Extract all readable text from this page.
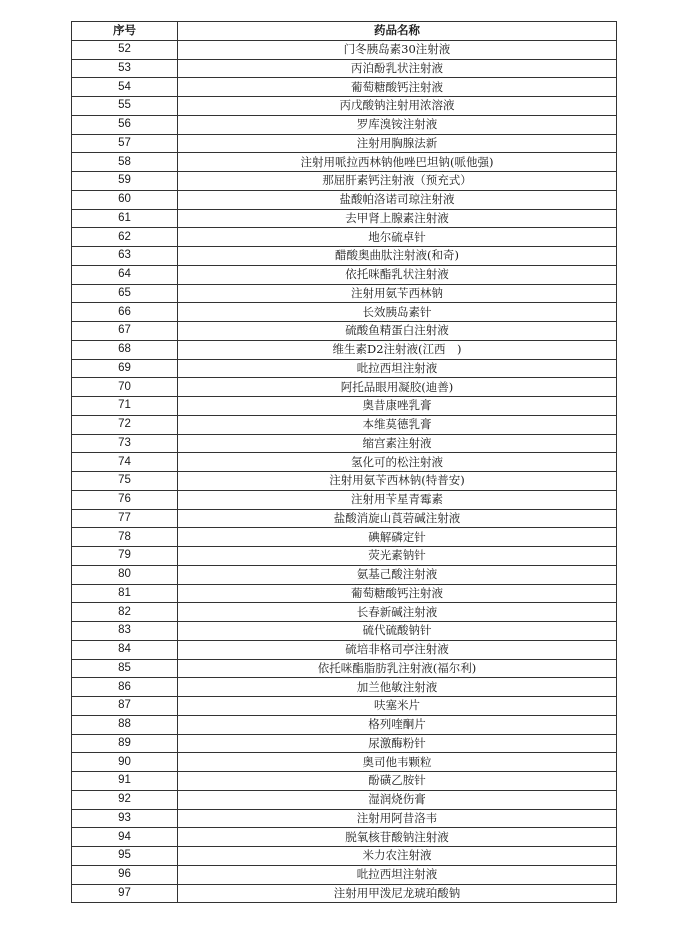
序号	药品名称
52	门冬胰岛素30注射液
53	丙泊酚乳状注射液
54	葡萄糖酸钙注射液
55	丙戊酸钠注射用浓溶液
56	罗库溴铵注射液
57	注射用胸腺法新
58	注射用哌拉西林钠他唑巴坦钠(哌他强)
59	那屈肝素钙注射液（预充式）
60	盐酸帕洛诺司琼注射液
61	去甲肾上腺素注射液
62	地尔硫卓针
63	醋酸奥曲肽注射液(和奇)
64	依托咪酯乳状注射液
65	注射用氨苄西林钠
66	长效胰岛素针
67	硫酸鱼精蛋白注射液
68	维生素D2注射液(江西　)
69	吡拉西坦注射液
70	阿托品眼用凝胶(迪善)
71	奥昔康唑乳膏
72	本维莫德乳膏
73	缩宫素注射液
74	氢化可的松注射液
75	注射用氨苄西林钠(特普安)
76	注射用苄星青霉素
77	盐酸消旋山莨菪碱注射液
78	碘解磷定针
79	荧光素钠针
80	氨基己酸注射液
81	葡萄糖酸钙注射液
82	长春新碱注射液
83	硫代硫酸钠针
84	硫培非格司亭注射液
85	依托咪酯脂肪乳注射液(福尔利)
86	加兰他敏注射液
87	呋塞米片
88	格列喹酮片
89	尿激酶粉针
90	奥司他韦颗粒
91	酚磺乙胺针
92	湿润烧伤膏
93	注射用阿昔洛韦
94	脱氧核苷酸钠注射液
95	米力农注射液
96	吡拉西坦注射液
97	注射用甲泼尼龙琥珀酸钠
